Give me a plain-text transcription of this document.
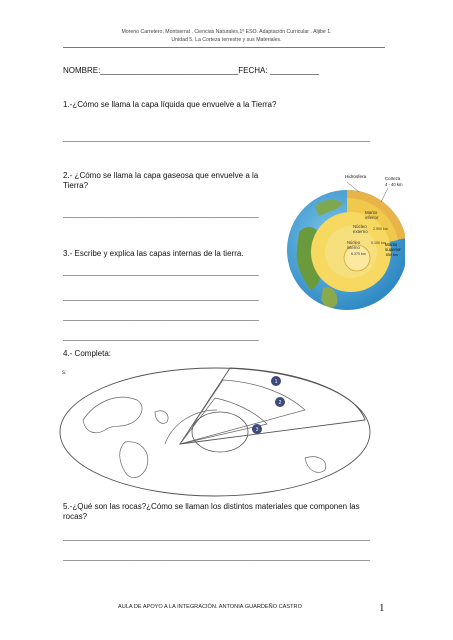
Moreno Carretero, Montserrat . Ciencias Naturales,1º ESO. Adaptación Curricular . Aljibe 1.
Unidad 5. La Corteza terrestre y sus Materiales.
NOMBRE:_______________________________FECHA: ___________
1.-¿Cómo se llama la capa líquida que envuelve a la Tierra?
_____________________________________________________________________
2.- ¿Cómo se llama la capa gaseosa que envuelve a la
Tierra?
____________________________________________
3.- Escribe y explica las capas internas de la tierra.
____________________________________________
____________________________________________
____________________________________________
____________________________________________
4.- Completa:
5.-¿Qué son las rocas?¿Cómo se llaman los distintos materiales que componen las
rocas?
_____________________________________________________________________
_____________________________________________________________________
Hidrosfera	Corteza
4 - 40 km
Manto
inferior
Núcleo
externo 2.900 km
Núcleo
interno
6.370 km
5.100 km Manto
superior
650 km
s:
1
2
3
AULA DE APOYO A LA INTEGRACIÓN. ANTONIA GUARDEÑO CASTRO	1
